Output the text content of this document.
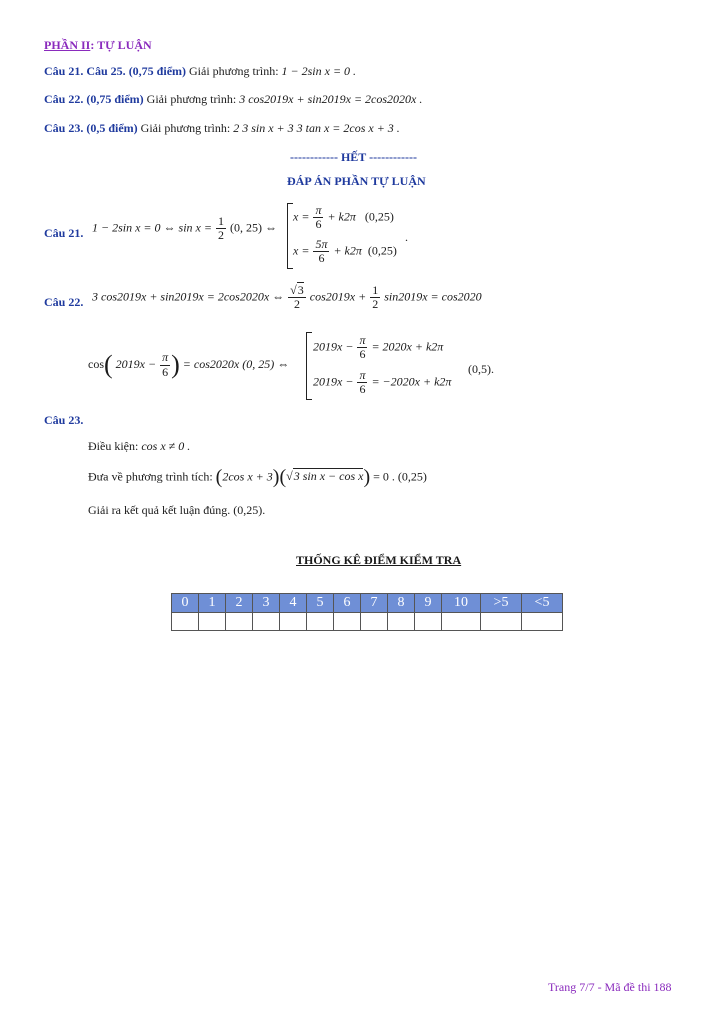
PHẦN II: TỰ LUẬN
Câu 21. Câu 25. (0,75 điểm) Giải phương trình: 1 − 2sin x = 0 .
Câu 22. (0,75 điểm) Giải phương trình: 3 cos2019x + sin2019x = 2cos2020x .
Câu 23. (0,5 điểm) Giải phương trình: 2 3 sin x + 3 3 tan x = 2cos x + 3 .
------------ HẾT ------------
ĐÁP ÁN PHẦN TỰ LUẬN
Câu 21. 1 − 2sin x = 0 ⇔ $\sin x = \frac{1}{2} (0$, 25) ⇔
$x = \frac{\pi}{6} + k2\pi$ (0,25)
$x = \frac{5\pi}{6} + k2\pi$ (0,25)
.
Câu 22. 3 cos2019x + sin2019x = 2cos2020x ⇔ $\frac{√3}{2} \cos 2019x + \frac{1}{2} \sin 2019x = \cos 2020$
cos( $2019x - \frac{\pi}{6}$ ) = cos2020x (0, 25) ⇔
$2019x - \frac{\pi}{6} = 2020x + k2\pi$
$2019x - \frac{\pi}{6} = -2020x + k2\pi$
(0,5).
Câu 23.
Điều kiện: cos x ≠ 0 .
Đưa về phương trình tích: (2cos x + 3)(√3 sin x − cos x) = 0 . (0,25)
Giải ra kết quả kết luận đúng. (0,25).
THỐNG KÊ ĐIỂM KIỂM TRA
0	1	2	3	4	5	6	7	8	9	10	>5	<5

Trang 7/7 - Mã đề thi 188
